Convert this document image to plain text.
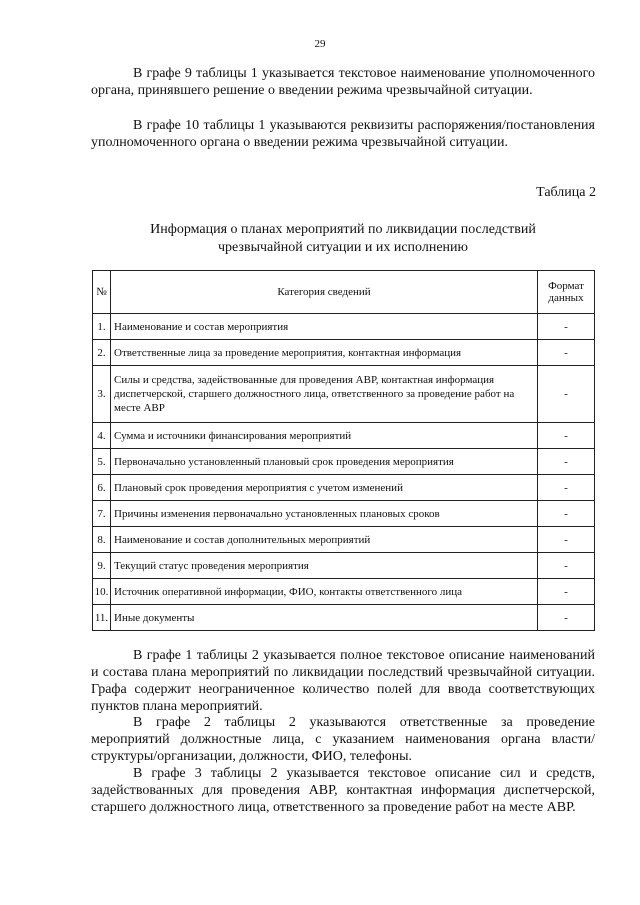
29

В графе 9 таблицы 1 указывается текстовое наименование уполномоченного органа, принявшего решение о введении режима чрезвычайной ситуации.

В графе 10 таблицы 1 указываются реквизиты распоряжения/постановления уполномоченного органа о введении режима чрезвычайной ситуации.

Таблица 2
Информация о планах мероприятий по ликвидации последствий
чрезвычайной ситуации и их исполнению
№	Категория сведений	Формат
данных

1.	Наименование и состав мероприятия	-
2.	Ответственные лица за проведение мероприятия, контактная информация	-
3.	Силы и средства, задействованные для проведения АВР, контактная информация диспетчерской, старшего должностного лица, ответственного за проведение работ на месте АВР	-
4.	Сумма и источники финансирования мероприятий	-
5.	Первоначально установленный плановый срок проведения мероприятия	-
6.	Плановый срок проведения мероприятия с учетом изменений	-
7.	Причины изменения первоначально установленных плановых сроков	-
8.	Наименование и состав дополнительных мероприятий	-
9.	Текущий статус проведения мероприятия	-
10.	Источник оперативной информации, ФИО, контакты ответственного лица	-
11.	Иные документы	-

В графе 1 таблицы 2 указывается полное текстовое описание наименований и состава плана мероприятий по ликвидации последствий чрезвычайной ситуации. Графа содержит неограниченное количество полей для ввода соответствующих пунктов плана мероприятий.

В графе 2 таблицы 2 указываются ответственные за проведение мероприятий должностные лица, с указанием наименования органа власти/структуры/организации, должности, ФИО, телефоны.

В графе 3 таблицы 2 указывается текстовое описание сил и средств, задействованных для проведения АВР, контактная информация диспетчерской, старшего должностного лица, ответственного за проведение работ на месте АВР.
